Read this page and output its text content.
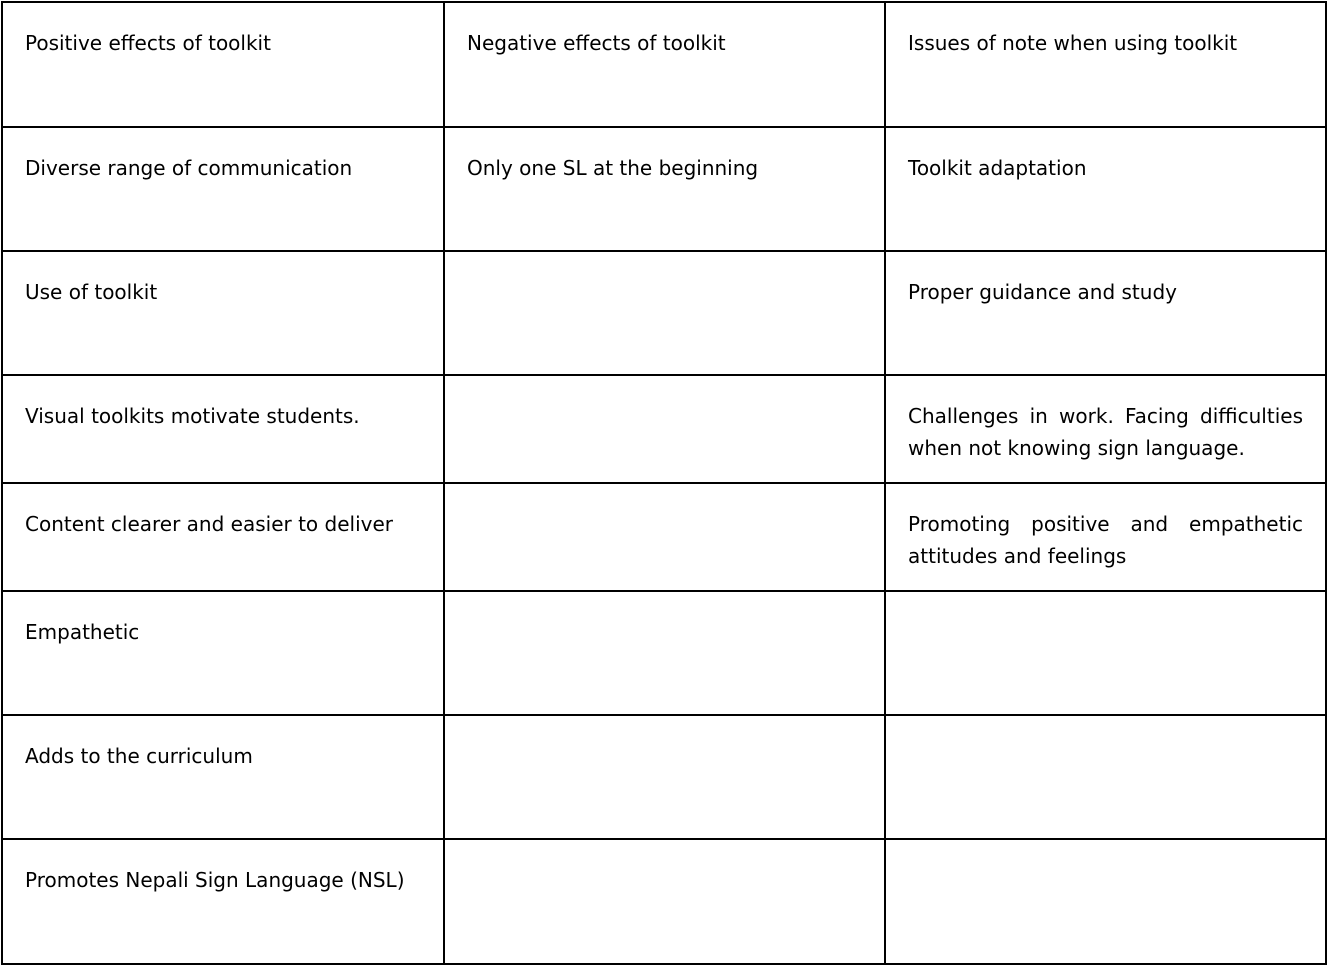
Positive effects of toolkit	Negative effects of toolkit	Issues of note when using toolkit
Diverse range of communication	Only one SL at the beginning	Toolkit adaptation
Use of toolkit		Proper guidance and study
Visual toolkits motivate students.		Challenges in work. Facing difficulties when not knowing sign language.
Content clearer and easier to deliver		Promoting positive and empathetic attitudes and feelings
Empathetic		
Adds to the curriculum		
Promotes Nepali Sign Language (NSL)		
